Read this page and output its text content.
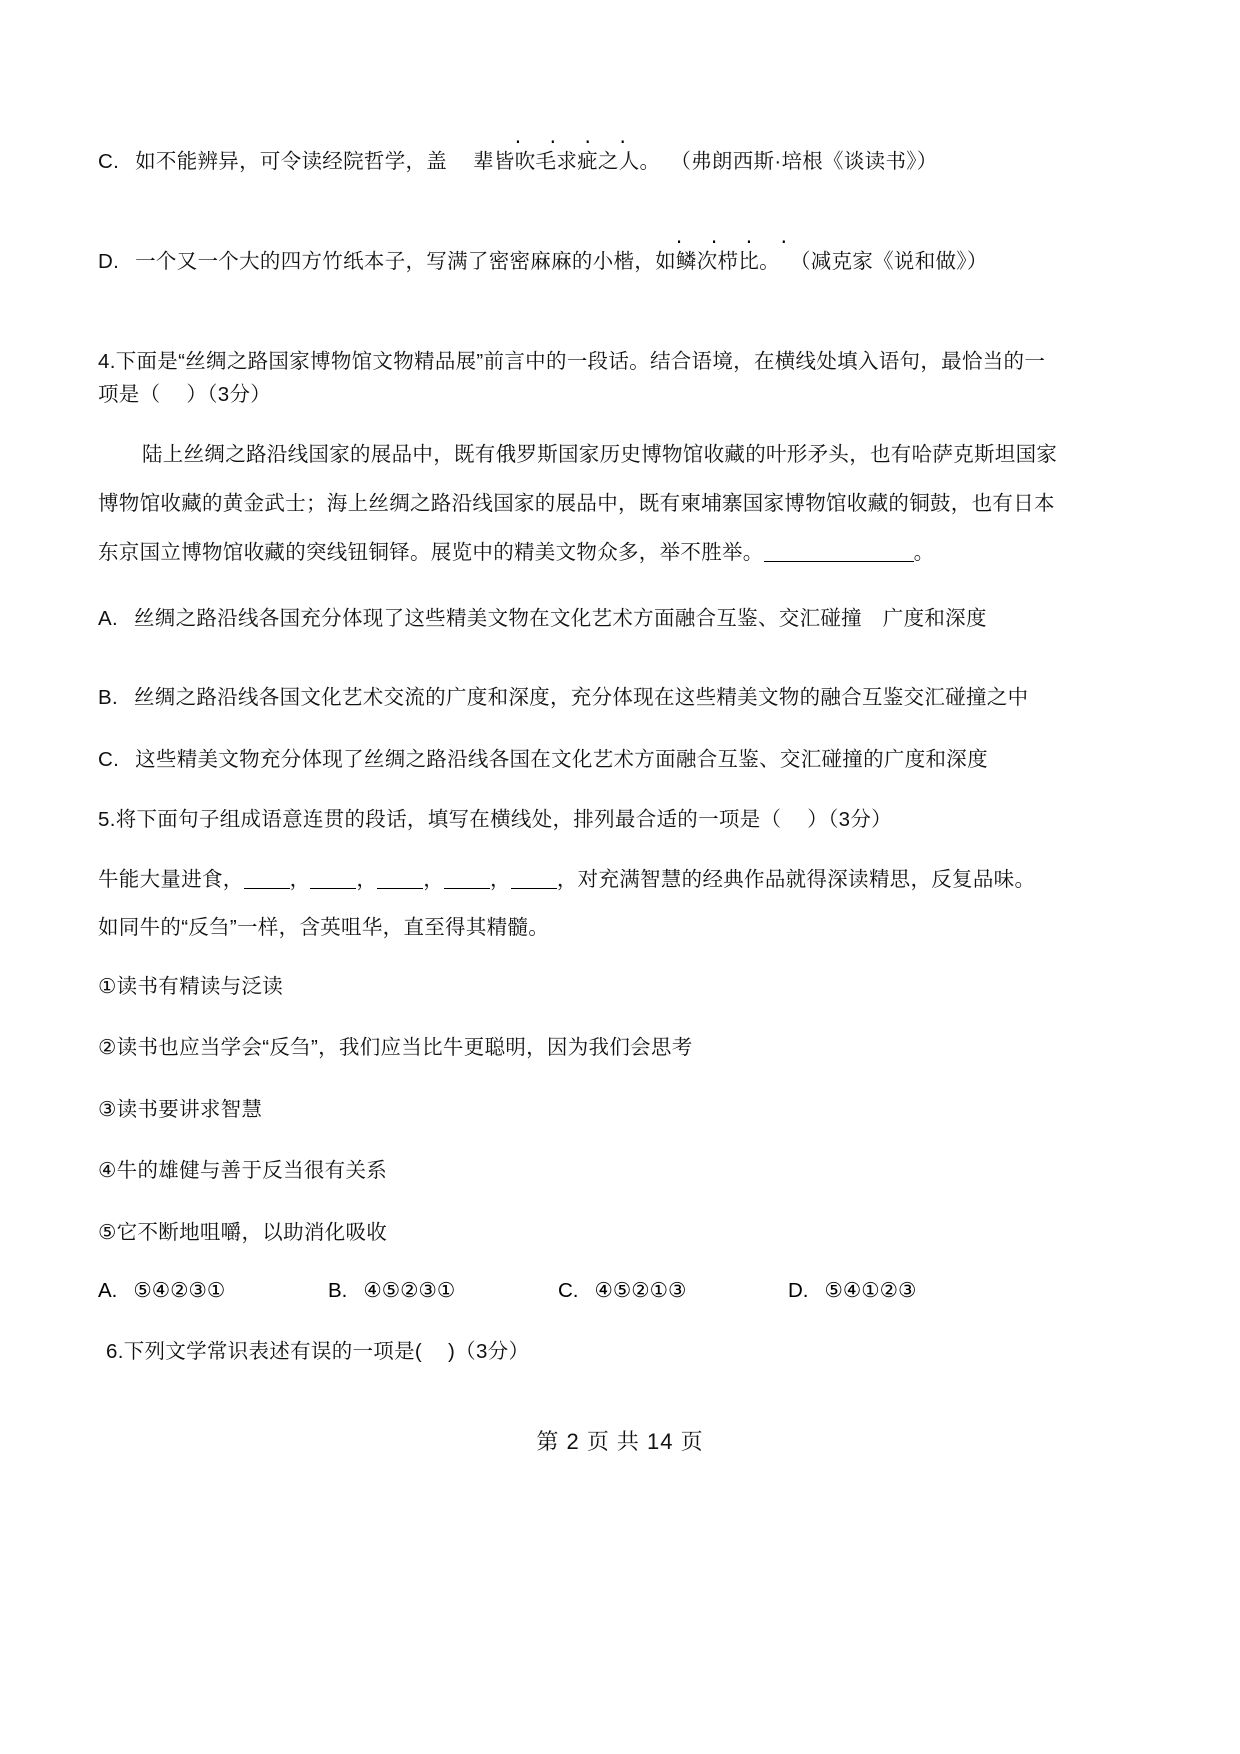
C. 如不能辨异，可令读经院哲学，盖 辈皆
‧ ‧ ‧ ‧
吹毛求疵之人。 （弗朗西斯·培根《谈读书》）
D. 一个又一个大的四方竹纸本子，写满了密密麻麻的小楷，如
‧ ‧ ‧ ‧
鳞次栉比。 （减克家《说和做》）
4.下面是“丝绸之路国家博物馆文物精品展”前言中的一段话。结合语境，在横线处填入语句，最恰当的一
项是（ ）（3分）
陆上丝绸之路沿线国家的展品中，既有俄罗斯国家历史博物馆收藏的叶形矛头，也有哈萨克斯坦国家
博物馆收藏的黄金武士；海上丝绸之路沿线国家的展品中，既有柬埔寨国家博物馆收藏的铜鼓，也有日本
东京国立博物馆收藏的突线钮铜铎。展览中的精美文物众多，举不胜举。	。
A. 丝绸之路沿线各国充分体现了这些精美文物在文化艺术方面融合互鉴、交汇碰撞　广度和深度
B. 丝绸之路沿线各国文化艺术交流的广度和深度，充分体现在这些精美文物的融合互鉴交汇碰撞之中
C. 这些精美文物充分体现了丝绸之路沿线各国在文化艺术方面融合互鉴、交汇碰撞的广度和深度
5.将下面句子组成语意连贯的段话，填写在横线处，排列最合适的一项是（ ）（3分）
牛能大量进食， ， ， ， ， ，对充满智慧的经典作品就得深读精思，反复品味。
如同牛的“反刍”一样，含英咀华，直至得其精髓。
①读书有精读与泛读
②读书也应当学会“反刍”，我们应当比牛更聪明，因为我们会思考
③读书要讲求智慧
④牛的雄健与善于反当很有关系
⑤它不断地咀嚼，以助消化吸收
A. ⑤④②③①	B. ④⑤②③①	C. ④⑤②①③	D. ⑤④①②③
6.下列文学常识表述有误的一项是( )（3分）
第 2 页 共 14 页
